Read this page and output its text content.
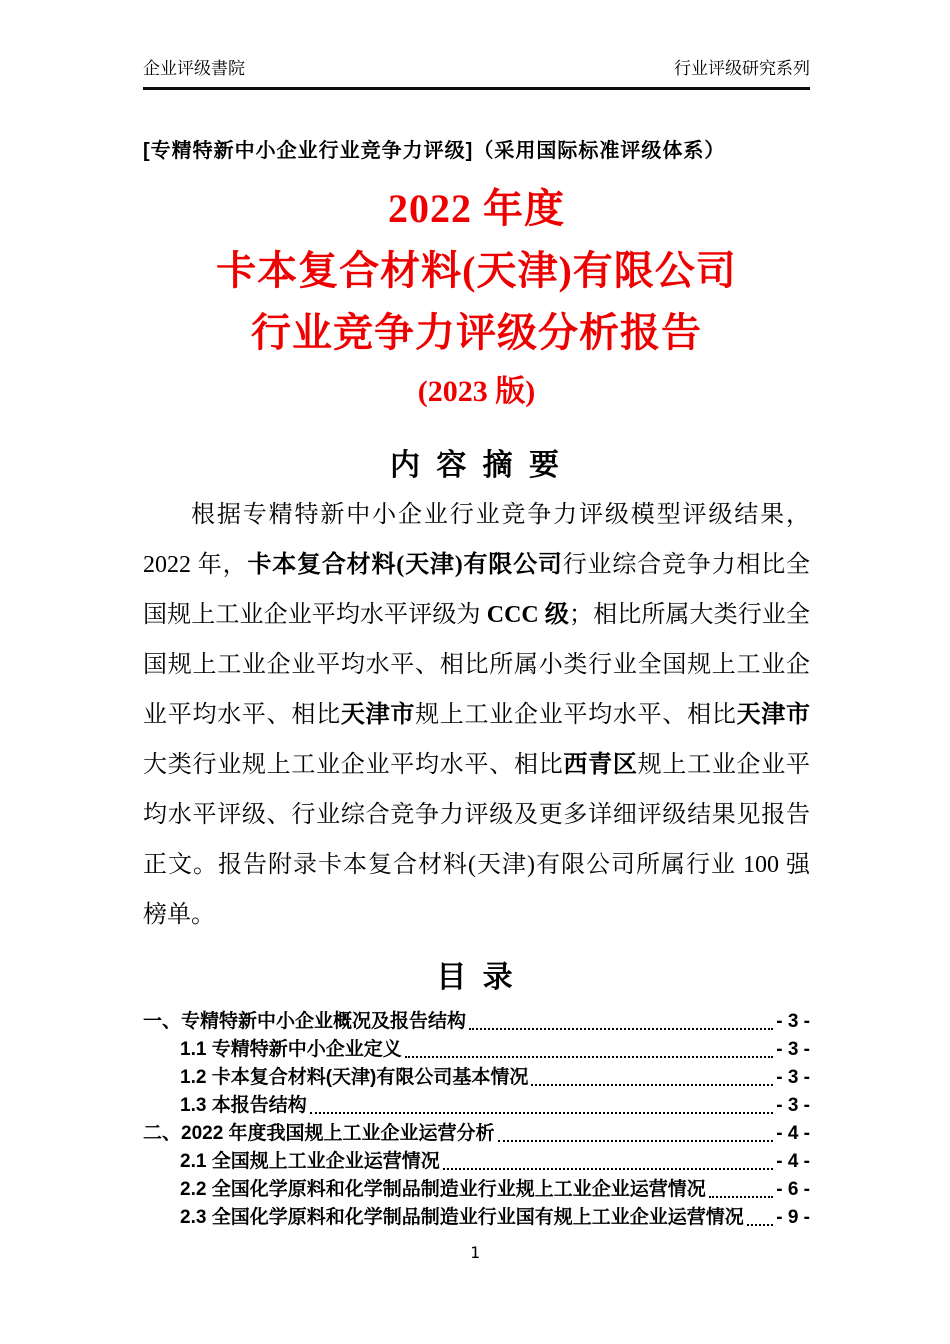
企业评级書院	行业评级研究系列
[专精特新中小企业行业竞争力评级]（采用国际标准评级体系）
2022 年度
卡本复合材料(天津)有限公司
行业竞争力评级分析报告
(2023 版)
内 容 摘 要
根据专精特新中小企业行业竞争力评级模型评级结果，
2022 年，卡本复合材料(天津)有限公司行业综合竞争力相比全
国规上工业企业平均水平评级为 CCC 级；相比所属大类行业全
国规上工业企业平均水平、相比所属小类行业全国规上工业企
业平均水平、相比天津市规上工业企业平均水平、相比天津市
大类行业规上工业企业平均水平、相比西青区规上工业企业平
均水平评级、行业综合竞争力评级及更多详细评级结果见报告
正文。报告附录卡本复合材料(天津)有限公司所属行业 100 强
榜单。
目 录
一、专精特新中小企业概况及报告结构	- 3 -
1.1 专精特新中小企业定义	- 3 -
1.2 卡本复合材料(天津)有限公司基本情况	- 3 -
1.3 本报告结构	- 3 -
二、2022 年度我国规上工业企业运营分析	- 4 -
2.1 全国规上工业企业运营情况	- 4 -
2.2 全国化学原料和化学制品制造业行业规上工业企业运营情况	- 6 -
2.3 全国化学原料和化学制品制造业行业国有规上工业企业运营情况 - 9 -
1
